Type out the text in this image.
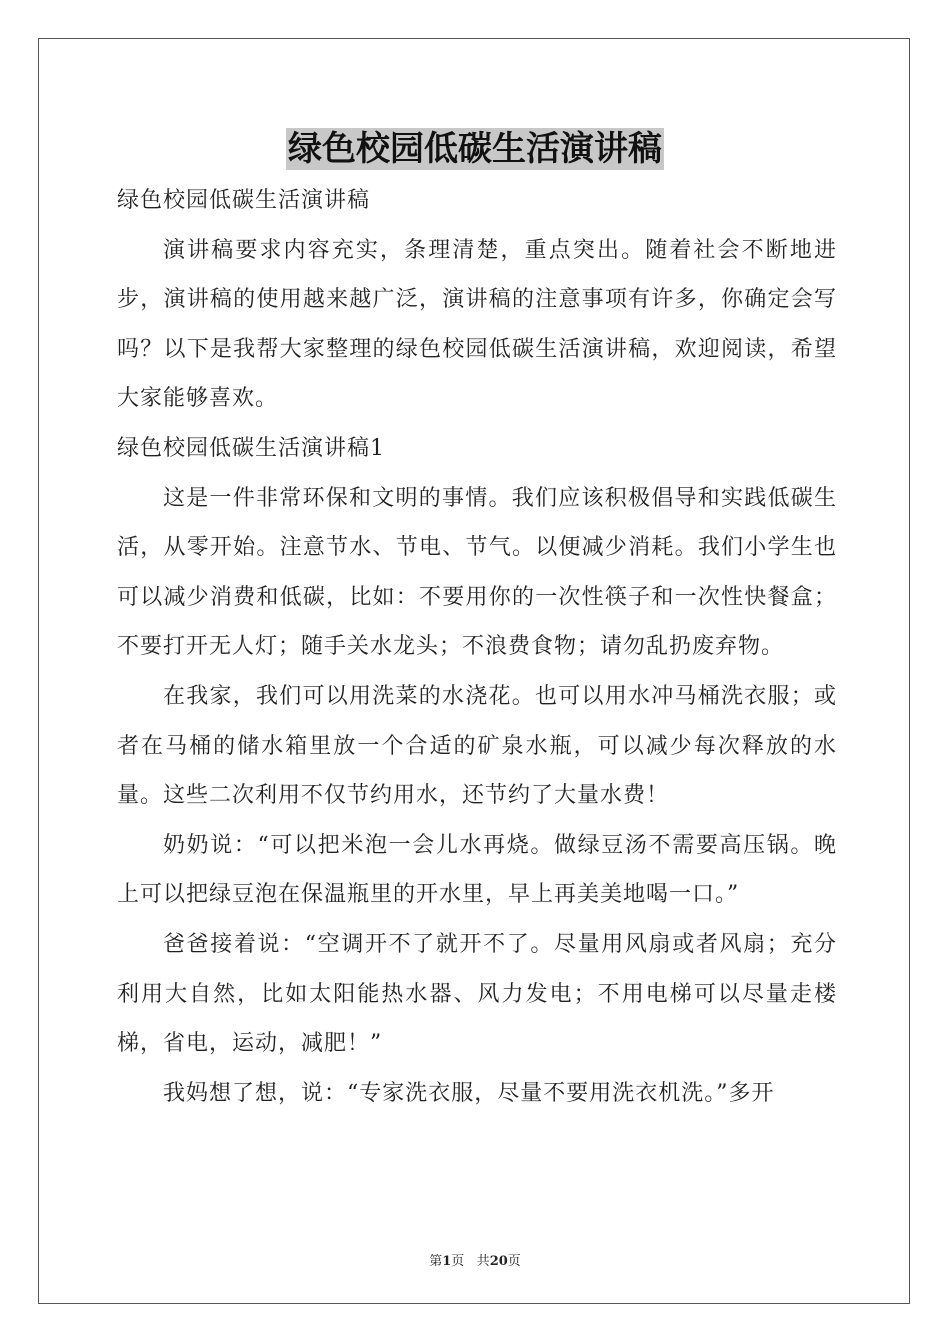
绿色校园低碳生活演讲稿

绿色校园低碳生活演讲稿

演讲稿要求内容充实，条理清楚，重点突出。随着社会不断地进步，演讲稿的使用越来越广泛，演讲稿的注意事项有许多，你确定会写吗？以下是我帮大家整理的绿色校园低碳生活演讲稿，欢迎阅读，希望大家能够喜欢。

绿色校园低碳生活演讲稿1

这是一件非常环保和文明的事情。我们应该积极倡导和实践低碳生活，从零开始。注意节水、节电、节气。以便减少消耗。我们小学生也可以减少消费和低碳，比如：不要用你的一次性筷子和一次性快餐盒；不要打开无人灯；随手关水龙头；不浪费食物；请勿乱扔废弃物。

在我家，我们可以用洗菜的水浇花。也可以用水冲马桶洗衣服；或者在马桶的储水箱里放一个合适的矿泉水瓶，可以减少每次释放的水量。这些二次利用不仅节约用水，还节约了大量水费！

奶奶说：“可以把米泡一会儿水再烧。做绿豆汤不需要高压锅。晚上可以把绿豆泡在保温瓶里的开水里，早上再美美地喝一口。”

爸爸接着说：“空调开不了就开不了。尽量用风扇或者风扇；充分利用大自然，比如太阳能热水器、风力发电；不用电梯可以尽量走楼梯，省电，运动，减肥！”

我妈想了想，说：“专家洗衣服，尽量不要用洗衣机洗。”多开

第1页 共20页
